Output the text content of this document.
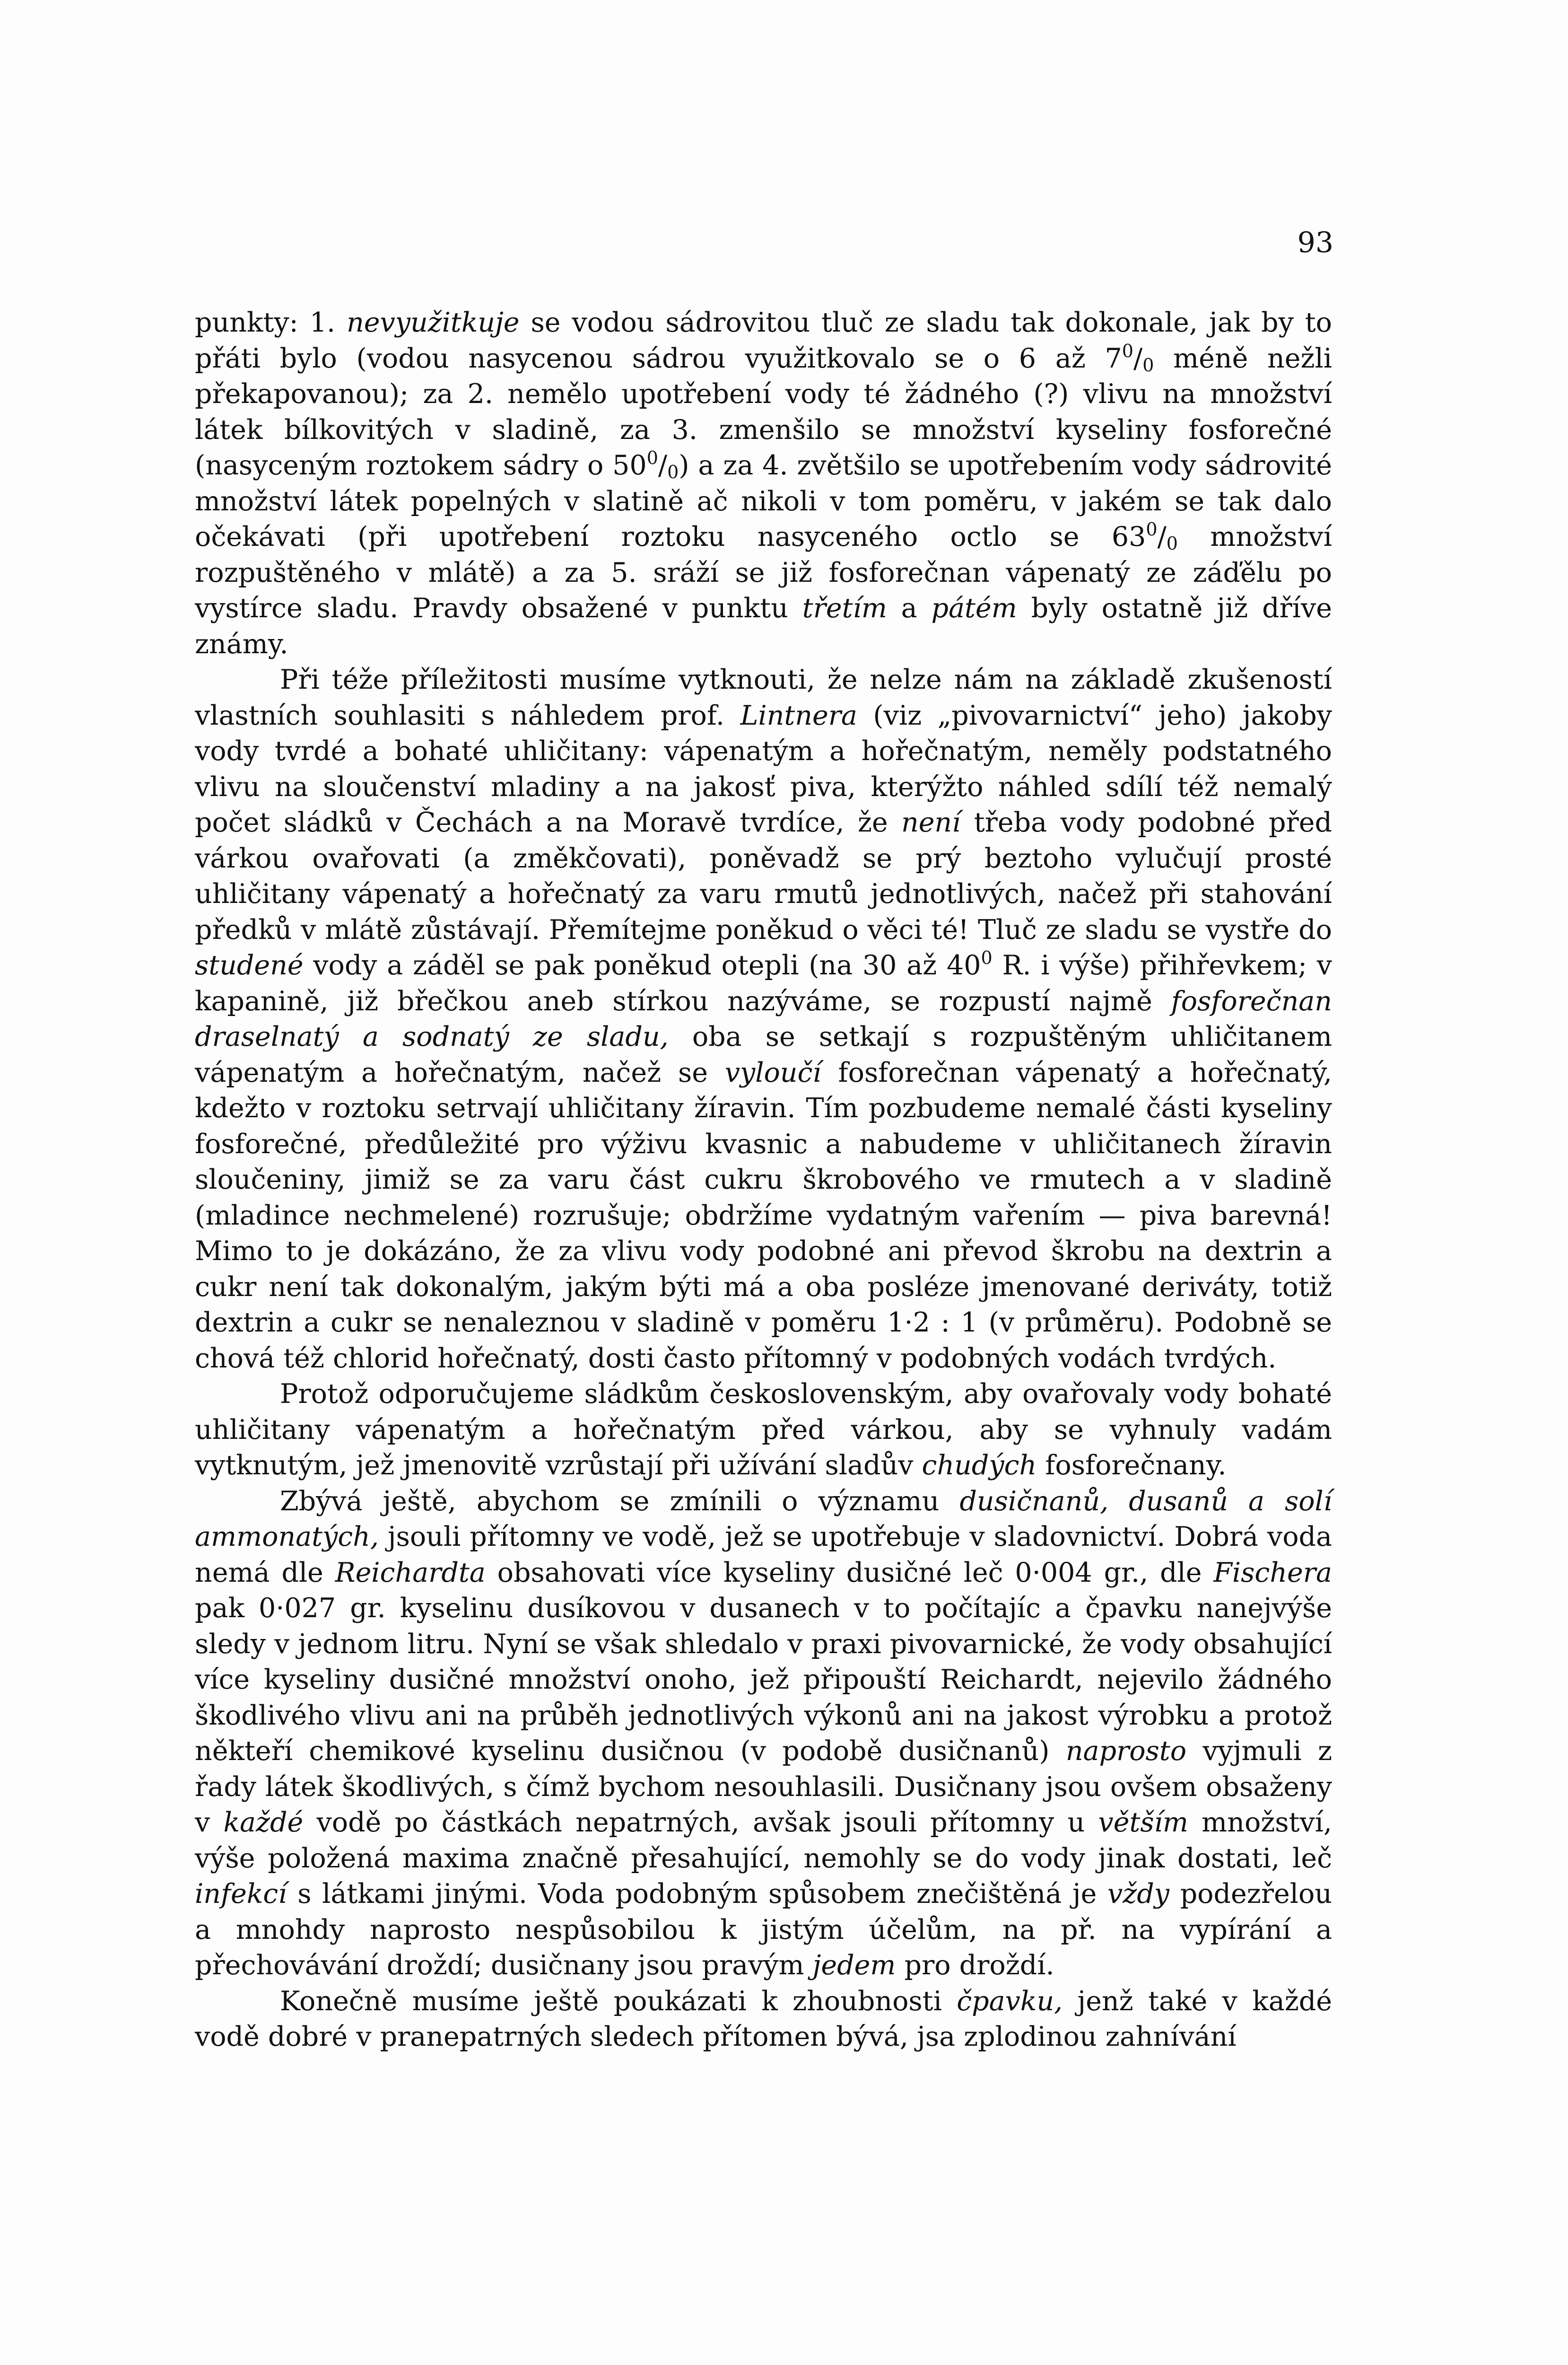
93

punkty: 1. nevyužitkuje se vodou sádrovitou tluč ze sladu tak dokonale, jak by to přáti bylo (vodou nasycenou sádrou využitkovalo se o 6 až $7^0/_0$ méně nežli překapovanou); za 2. nemělo upotřebení vody té žádného (?) vlivu na množství látek bílkovitých v sladině, za 3. zmenšilo se množství kyseliny fosforečné (nasyceným roztokem sádry o $50^0/_0$) a za 4. zvětšilo se upotřebením vody sádrovité množství látek popelných v slatině ač nikoli v tom poměru, v jakém se tak dalo očekávati (při upotřebení roztoku nasyceného octlo se $63^0/_0$ množství rozpuštěného v mlátě) a za 5. sráží se již fosforečnan vápenatý ze záďělu po vystírce sladu. Pravdy obsažené v punktu třetím a pátém byly ostatně již dříve známy.

Při téže příležitosti musíme vytknouti, že nelze nám na základě zkušeností vlastních souhlasiti s náhledem prof. Lintnera (viz „pivovarnictví“ jeho) jakoby vody tvrdé a bohaté uhličitany: vápenatým a hořečnatým, neměly podstatného vlivu na sloučenství mladiny a na jakosť piva, kterýžto náhled sdílí též nemalý počet sládků v Čechách a na Moravě tvrdíce, že není třeba vody podobné před várkou ovařovati (a změkčovati), poněvadž se prý beztoho vylučují prosté uhličitany vápenatý a hořečnatý za varu rmutů jednotlivých, načež při stahování předků v mlátě zůstávají. Přemítejme poněkud o věci té! Tluč ze sladu se vystře do studené vody a záděl se pak poněkud otepli (na 30 až $40^0$ R. i výše) přihřevkem; v kapanině, již břečkou aneb stírkou nazýváme, se rozpustí najmě fosforečnan draselnatý a sodnatý ze sladu, oba se setkají s rozpuštěným uhličitanem vápenatým a hořečnatým, načež se vyloučí fosforečnan vápenatý a hořečnatý, kdežto v roztoku setrvají uhličitany žíravin. Tím pozbudeme nemalé části kyseliny fosforečné, předůležité pro výživu kvasnic a nabudeme v uhličitanech žíravin sloučeniny, jimiž se za varu část cukru škrobového ve rmutech a v sladině (mladince nechmelené) rozrušuje; obdržíme vydatným vařením — piva barevná! Mimo to je dokázáno, že za vlivu vody podobné ani převod škrobu na dextrin a cukr není tak dokonalým, jakým býti má a oba posléze jmenované deriváty, totiž dextrin a cukr se nenaleznou v sladině v poměru 1·2 : 1 (v průměru). Podobně se chová též chlorid hořečnatý, dosti často přítomný v podobných vodách tvrdých.

Protož odporučujeme sládkům československým, aby ovařovaly vody bohaté uhličitany vápenatým a hořečnatým před várkou, aby se vyhnuly vadám vytknutým, jež jmenovitě vzrůstají při užívání sladův chudých fosforečnany.

Zbývá ještě, abychom se zmínili o významu dusičnanů, dusanů a solí ammonatých, jsouli přítomny ve vodě, jež se upotřebuje v sladovnictví. Dobrá voda nemá dle Reichardta obsahovati více kyseliny dusičné leč 0·004 gr., dle Fischera pak 0·027 gr. kyselinu dusíkovou v dusanech v to počítajíc a čpavku nanejvýše sledy v jednom litru. Nyní se však shledalo v praxi pivovarnické, že vody obsahující více kyseliny dusičné množství onoho, jež připouští Reichardt, nejevilo žádného škodlivého vlivu ani na průběh jednotlivých výkonů ani na jakost výrobku a protož někteří chemikové kyselinu dusičnou (v podobě dusičnanů) naprosto vyjmuli z řady látek škodlivých, s čímž bychom nesouhlasili. Dusičnany jsou ovšem obsaženy v každé vodě po částkách nepatrných, avšak jsouli přítomny u větším množství, výše položená maxima značně přesahující, nemohly se do vody jinak dostati, leč infekcí s látkami jinými. Voda podobným spůsobem znečištěná je vždy podezřelou a mnohdy naprosto nespůsobilou k jistým účelům, na př. na vypírání a přechovávání droždí; dusičnany jsou pravým jedem pro droždí.

Konečně musíme ještě poukázati k zhoubnosti čpavku, jenž také v každé vodě dobré v pranepatrných sledech přítomen bývá, jsa zplodinou zahnívání
